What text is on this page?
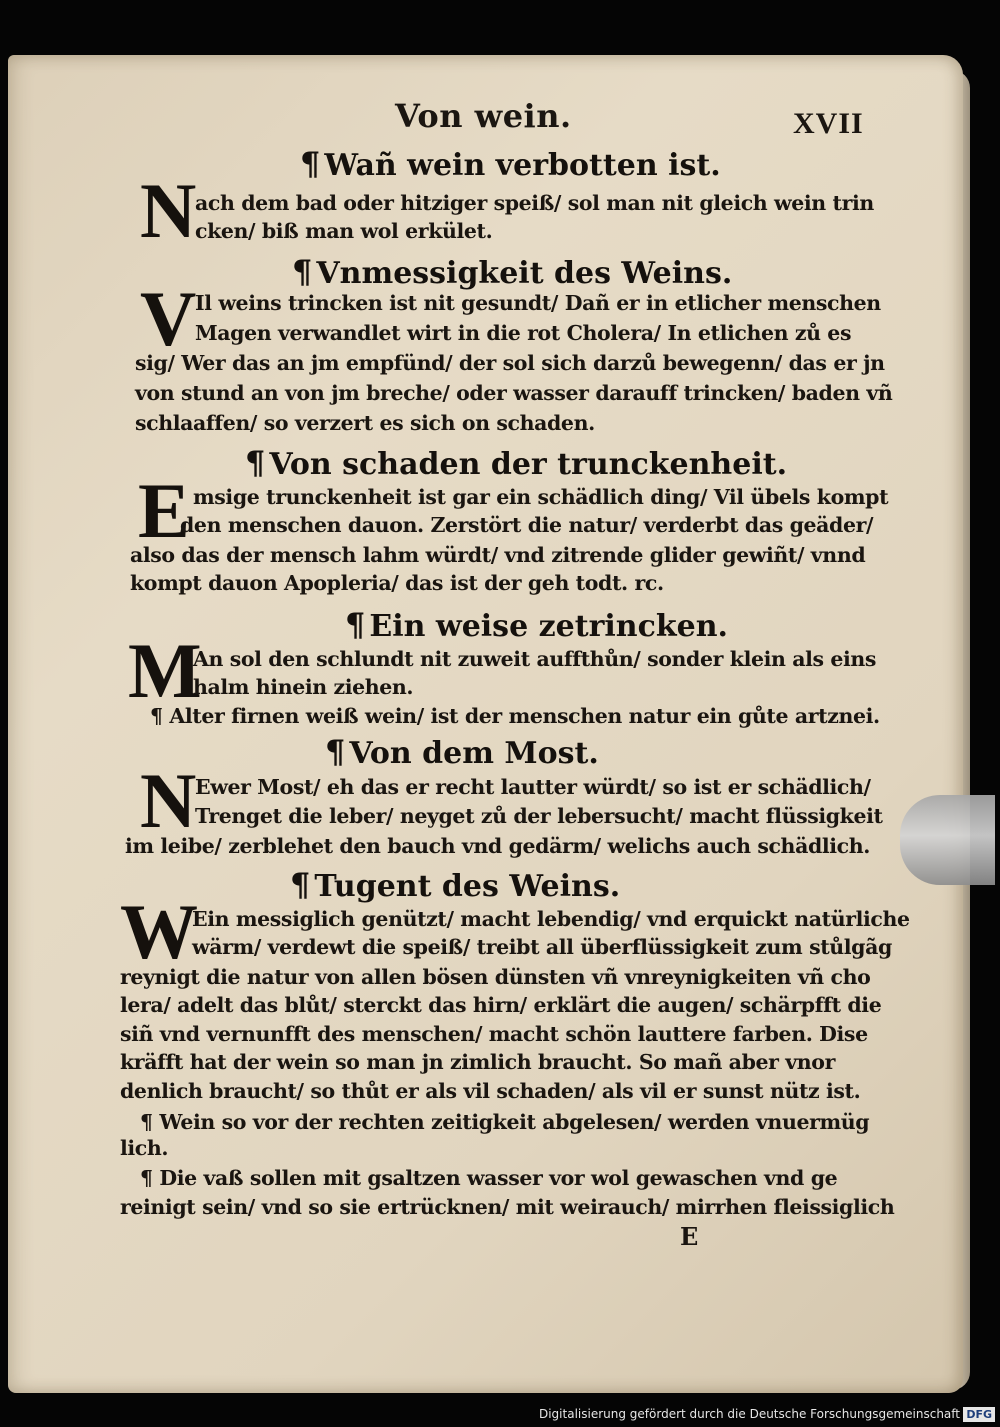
Von wein.	XVII
¶ Wañ wein verbotten ist.
N
ach dem bad oder hitziger speiß/ sol man nit gleich wein trin
cken/ biß man wol erkület.
¶ Vnmessigkeit des Weins.
V
Il weins trincken ist nit gesundt/ Dañ er in etlicher menschen
Magen verwandlet wirt in die rot Cholera/ In etlichen zů es
sig/ Wer das an jm empfünd/ der sol sich darzů bewegenn/ das er jn
von stund an von jm breche/ oder wasser darauff trincken/ baden vñ
schlaaffen/ so verzert es sich on schaden.
¶ Von schaden der trunckenheit.
E msige trunckenheit ist gar ein schädlich ding/ Vil übels kompt
den menschen dauon. Zerstört die natur/ verderbt das geäder/
also das der mensch lahm würdt/ vnd zitrende glider gewiñt/ vnnd
kompt dauon Apopleria/ das ist der geh todt. rc.
¶ Ein weise zetrincken.
M
An sol den schlundt nit zuweit auffthůn/ sonder klein als eins
halm hinein ziehen.
¶ Alter firnen weiß wein/ ist der menschen natur ein gůte artznei.
¶ Von dem Most.
N
Ewer Most/ eh das er recht lautter würdt/ so ist er schädlich/
Trenget die leber/ neyget zů der lebersucht/ macht flüssigkeit
im leibe/ zerblehet den bauch vnd gedärm/ welichs auch schädlich.
¶ Tugent des Weins.
W
Ein messiglich genützt/ macht lebendig/ vnd erquickt natürliche
wärm/ verdewt die speiß/ treibt all überflüssigkeit zum stůlgãg
reynigt die natur von allen bösen dünsten vñ vnreynigkeiten vñ cho
lera/ adelt das blůt/ sterckt das hirn/ erklärt die augen/ schärpfft die
siñ vnd vernunfft des menschen/ macht schön lauttere farben. Dise
kräfft hat der wein so man jn zimlich braucht. So mañ aber vnor
denlich braucht/ so thůt er als vil schaden/ als vil er sunst nütz ist.
¶ Wein so vor der rechten zeitigkeit abgelesen/ werden vnuermüg
lich.
¶ Die vaß sollen mit gsaltzen wasser vor wol gewaschen vnd ge
reinigt sein/ vnd so sie ertrücknen/ mit weirauch/ mirrhen fleissiglich
E
Digitalisierung gefördert durch die Deutsche Forschungsgemeinschaft DFG
